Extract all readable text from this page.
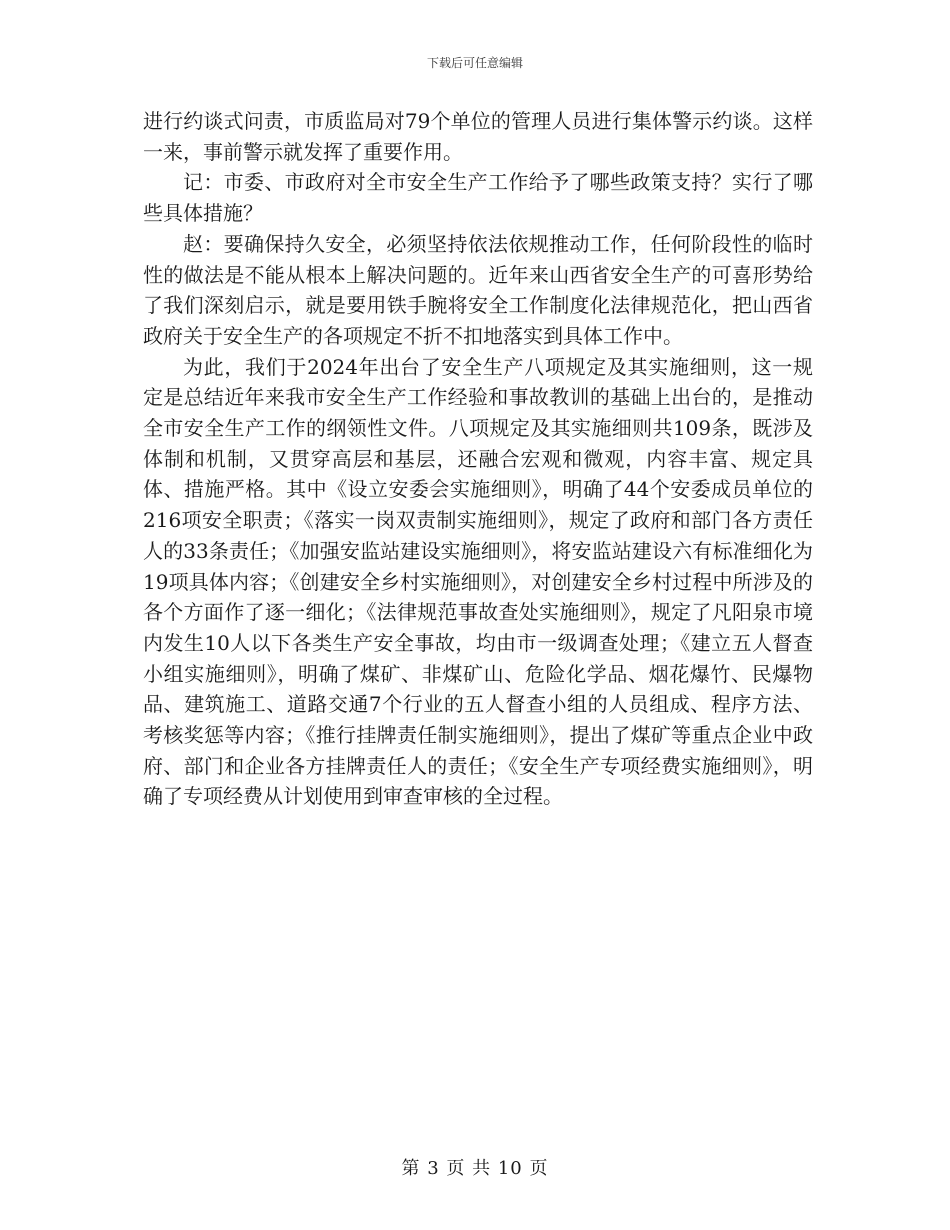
下载后可任意编辑

进行约谈式问责，市质监局对79个单位的管理人员进行集体警示约谈。这样一来，事前警示就发挥了重要作用。

记：市委、市政府对全市安全生产工作给予了哪些政策支持？实行了哪些具体措施？

赵：要确保持久安全，必须坚持依法依规推动工作，任何阶段性的临时性的做法是不能从根本上解决问题的。近年来山西省安全生产的可喜形势给了我们深刻启示，就是要用铁手腕将安全工作制度化法律规范化，把山西省政府关于安全生产的各项规定不折不扣地落实到具体工作中。

为此，我们于2024年出台了安全生产八项规定及其实施细则，这一规定是总结近年来我市安全生产工作经验和事故教训的基础上出台的，是推动全市安全生产工作的纲领性文件。八项规定及其实施细则共109条，既涉及体制和机制，又贯穿高层和基层，还融合宏观和微观，内容丰富、规定具体、措施严格。其中《设立安委会实施细则》，明确了44个安委成员单位的216项安全职责；《落实一岗双责制实施细则》，规定了政府和部门各方责任人的33条责任；《加强安监站建设实施细则》，将安监站建设六有标准细化为19项具体内容；《创建安全乡村实施细则》，对创建安全乡村过程中所涉及的各个方面作了逐一细化；《法律规范事故查处实施细则》，规定了凡阳泉市境内发生10人以下各类生产安全事故，均由市一级调查处理；《建立五人督查小组实施细则》，明确了煤矿、非煤矿山、危险化学品、烟花爆竹、民爆物品、建筑施工、道路交通7个行业的五人督查小组的人员组成、程序方法、考核奖惩等内容；《推行挂牌责任制实施细则》，提出了煤矿等重点企业中政府、部门和企业各方挂牌责任人的责任；《安全生产专项经费实施细则》，明确了专项经费从计划使用到审查审核的全过程。

第 3 页 共 10 页
